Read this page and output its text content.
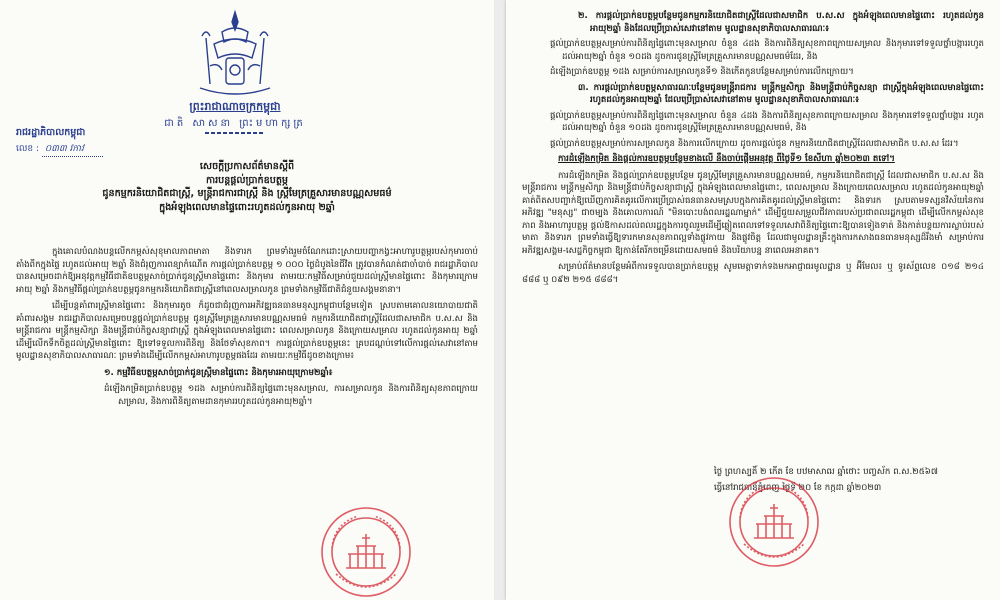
ព្រះរាជាណាចក្រកម្ពុជា
ជាតិ សាសនា ព្រះមហាក្សត្រ
រាជរដ្ឋាភិបាលកម្ពុជា
លេខ : ០៣៣ វកាវ
សេចក្តីប្រកាសព័ត៌មានស្តីពី
ការបន្តផ្តល់ប្រាក់ឧបត្ថម្ភ
ជូនកម្មករនិយោជិតជាស្ត្រី, មន្ត្រីរាជការជាស្ត្រី និង ស្ត្រីមែត្រគ្រួសារមានបណ្ណសមធម៌
ក្នុងអំឡុងពេលមានផ្ទៃពោះរហូតដល់កូនអាយុ ២ឆ្នាំ

ក្នុងគោលបំណងបន្តលើកកម្ពស់សុខុមាលភាពមាតា និងទារក ព្រមទាំងរួមចំណែកដោះស្រាយបញ្ហាកង្វះអាហារូបត្ថម្ភរបស់កុមារចាប់តាំងពីកក្នុងផ្ទៃ រហូតដល់អាយុ ២ឆ្នាំ និងជំរុញការពន្យាកំណើត ការផ្តល់ប្រាក់ឧបត្ថម្ភ ១ ០០០ ថ្ងៃដំបូងនៃជីវិត ត្រូវបានកំណត់ជាចាំបាច់ រាជរដ្ឋាភិបាលបានសម្រេចដាក់ឱ្យអនុវត្តកម្មវិធីជាតិឧបត្ថម្ភសាច់ប្រាក់ជូនស្ត្រីមានផ្ទៃពោះ និងកុមារ តាមរយៈកម្មវិធីសម្រាប់ជួយដល់ស្ត្រីមានផ្ទៃពោះ និងកុមារក្រោមអាយុ ២ឆ្នាំ និងកម្មវិធីផ្តល់ប្រាក់ឧបត្ថម្ភជូនកម្មករនិយោជិតជាស្ត្រីនៅពេលសម្រាលកូន ព្រមទាំងកម្មវិធីជាតិជំនួយសង្គមនានា។

ដើម្បីបន្តគាំពារស្ត្រីមានផ្ទៃពោះ និងកុមារតូច ក៏ដូចជាជំរុញការអភិវឌ្ឍធនធានមនុស្សកម្ពុជាបន្ថែមទៀត ស្របតាមគោលនយោបាយជាតិគាំពារសង្គម រាជរដ្ឋាភិបាលសម្រេចបន្តផ្តល់ប្រាក់ឧបត្ថម្ភ ជូនស្ត្រីមែត្រគ្រួសារមានបណ្ណសមធម៌ កម្មករនិយោជិតជាស្ត្រីដែលជាសមាជិក ប.ស.ស និងមន្ត្រីរាជការ មន្ត្រីកម្មសិក្សា និងមន្ត្រីជាប់កិច្ចសន្យាជាស្ត្រី ក្នុងអំឡុងពេលមានផ្ទៃពោះ ពេលសម្រាលកូន និងក្រោយសម្រាល រហូតដល់កូនអាយុ ២ឆ្នាំ ដើម្បីលើកទឹកចិត្តដល់ស្ត្រីមានផ្ទៃពោះ ឱ្យទៅទទួលការពិនិត្យ និងថែទាំសុខភាព។ ការផ្តល់ប្រាក់ឧបត្ថម្ភនេះ គ្របដណ្តប់ទៅលើការផ្តល់សេវានៅតាម មូលដ្ឋានសុខាភិបាលសាធារណៈ ព្រមទាំងដើម្បីលើកកម្ពស់អាហារូបត្ថម្ភផងដែរ តាមរយៈកម្មវិធីដូចខាងក្រោម៖

១. កម្មវិធីឧបត្ថម្ភសាច់ប្រាក់ជូនស្ត្រីមានផ្ទៃពោះ និងកុមារអាយុក្រោម២ឆ្នាំ៖

ដំឡើងកម្រិតប្រាក់ឧបត្ថម្ភ ១ដង សម្រាប់ការពិនិត្យផ្ទៃពោះមុនសម្រាល, ការសម្រាលកូន និងការពិនិត្យសុខភាពក្រោយសម្រាល, និងការពិនិត្យតាមដានកុមាររហូតដល់កូនអាយុ២ឆ្នាំ។

២. ការផ្តល់ប្រាក់ឧបត្ថម្ភបន្ថែមជូនកម្មករនិយោជិតជាស្ត្រីដែលជាសមាជិក ប.ស.ស ក្នុងអំឡុងពេលមានផ្ទៃពោះ រហូតដល់កូនអាយុ២ឆ្នាំ និងដែលប្រើប្រាស់សេវានៅតាម មូលដ្ឋានសុខាភិបាលសាធារណៈ៖

ផ្តល់ប្រាក់ឧបត្ថម្ភសម្រាប់ការពិនិត្យផ្ទៃពោះមុនសម្រាល ចំនួន ៤ដង និងការពិនិត្យសុខភាពក្រោយសម្រាល និងកុមារទៅទទួលថ្នាំបង្ការរហូតដល់អាយុ២ឆ្នាំ ចំនួន ១០ដង ដូចការជូនស្ត្រីមែត្រគ្រួសារមានបណ្ណសមធម៌ដែរ, និង

ដំឡើងប្រាក់ឧបត្ថម្ភ ១ដង សម្រាប់ការសម្រាលកូនទី១ និងកើតកូនបន្ថែមសម្រាប់ការលើកក្រោយ។

៣. ការផ្តល់ប្រាក់ឧបត្ថម្ភសាធារណៈបន្ថែមជូនមន្ត្រីរាជការ មន្ត្រីកម្មសិក្សា និងមន្ត្រីជាប់កិច្ចសន្យា ជាស្ត្រីក្នុងអំឡុងពេលមានផ្ទៃពោះ រហូតដល់កូនអាយុ២ឆ្នាំ ដែលប្រើប្រាស់សេវានៅតាម មូលដ្ឋានសុខាភិបាលសាធារណៈ៖

ផ្តល់ប្រាក់ឧបត្ថម្ភសម្រាប់ការពិនិត្យផ្ទៃពោះមុនសម្រាល ចំនួន ៤ដង និងការពិនិត្យសុខភាពក្រោយសម្រាល និងកុមារទៅទទួលថ្នាំបង្ការ រហូតដល់អាយុ២ឆ្នាំ ចំនួន ១០ដង ដូចការជូនស្ត្រីមែត្រគ្រួសារមានបណ្ណសមធម៌, និង

ផ្តល់ប្រាក់ឧបត្ថម្ភសម្រាប់ការសម្រាលកូន និងការលើកក្រោយ ដូចការផ្តល់ជូន កម្មករនិយោជិតជាស្ត្រីដែលជាសមាជិក ប.ស.ស ដែរ។

ការដំឡើងកម្រិត និងផ្តល់ការឧបត្ថម្ភបន្ថែមខាងលើ នឹងចាប់ផ្តើមអនុវត្ត ពីថ្ងៃទី១ ខែសីហា ឆ្នាំ២០២៣ តទៅ។

ការដំឡើងកម្រិត និងផ្តល់ប្រាក់ឧបត្ថម្ភបន្ថែម ជូនស្ត្រីមែត្រគ្រួសារមានបណ្ណសមធម៌, កម្មករនិយោជិតជាស្ត្រី ដែលជាសមាជិក ប.ស.ស និងមន្ត្រីរាជការ មន្ត្រីកម្មសិក្សា និងមន្ត្រីជាប់កិច្ចសន្យាជាស្ត្រី ក្នុងអំឡុងពេលមានផ្ទៃពោះ, ពេលសម្រាល និងក្រោយពេលសម្រាល រហូតដល់កូនអាយុ២ឆ្នាំ គាត់ពិតសបញ្ជាក់ឱ្យឃើញការគិតគូរលើការប្រើប្រាស់ធនធានសមស្របក្នុងការគិតគូរដល់ស្ត្រីមានផ្ទៃពោះ និងទារក ស្របតាមទស្សនវិស័យនៃការអភិវឌ្ឍ "មនុស្ស" ជាចម្បង និងគោលការណ៍ "មិនបោះបង់ពលរដ្ឋណាម្នាក់" ដើម្បីជួយសម្រួលជីវភាពរបស់ប្រជាពលរដ្ឋកម្ពុជា ដើម្បីលើកកម្ពស់សុខភាព និងអាហារូបត្ថម្ភ ផ្តល់ឱកាសដល់ពលរដ្ឋក្នុងការចូលរួមដើម្បីឆ្លៀតពេលទៅទទួលសេវាពិនិត្យផ្ទៃពោះឱ្យបានទៀងទាត់ និងកាត់បន្ថយការស្លាប់របស់មាតា និងទារក ព្រមទាំងធ្វើឱ្យទារកមានសុខភាពល្អទាំងផ្លូវកាយ និងផ្លូវចិត្ត ដែលជាមូលដ្ឋានគ្រឹះក្នុងការកសាងធនធានមនុស្សដ៏រឹងមាំ សម្រាប់ការអភិវឌ្ឍសង្គម-សេដ្ឋកិច្ចកម្ពុជា ឱ្យកាន់តែរីកចម្រើនដោយសមធម៌ និងបរិយាបន្ន នាពេលអនាគត។

សម្រាប់ព័ត៌មានបន្ថែមអំពីការទទួលបានប្រាក់ឧបត្ថម្ភ សូមមេត្តាទាក់ទងមកអាជ្ញាធរមូលដ្ឋាន ឬ អ៊ីមែល៖ ឬ ទូរស័ព្ទលេខ ០១៨ ២១៤ ៨៨៨ ឬ ០៩២ ២១៥ ៨៨៨។

ថ្ងៃ ព្រហស្បតិ៍ ២ កើត ខែ បឋមាសាឍ ឆ្នាំថោះ បញ្ចស័ក ព.ស.២៥៦៧
ធ្វើនៅរាជធានីភ្នំពេញ ថ្ងៃទី ២០ ខែ កក្កដា ឆ្នាំ២០២៣
